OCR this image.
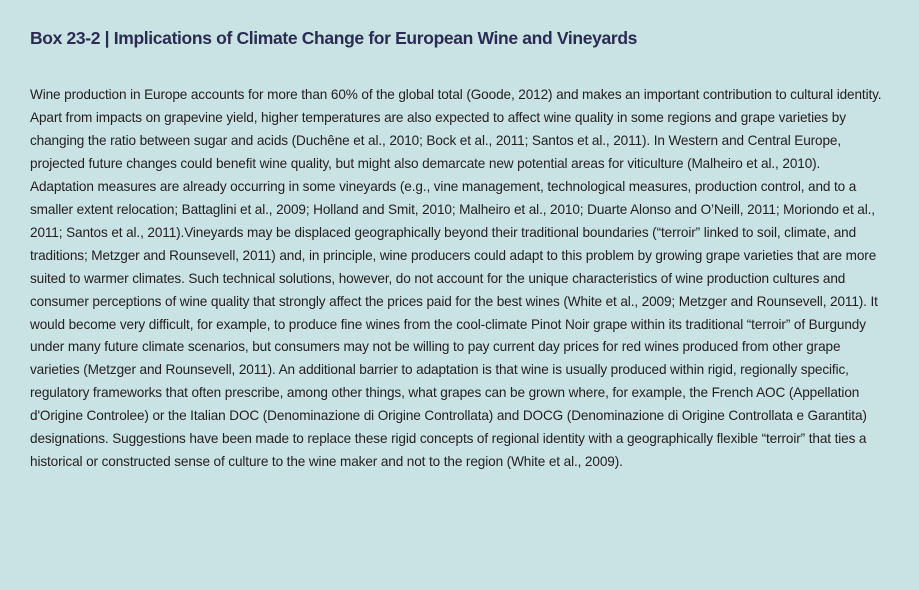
Box 23-2 | Implications of Climate Change for European Wine and Vineyards

Wine production in Europe accounts for more than 60% of the global total (Goode, 2012) and makes an important contribution to cultural identity. Apart from impacts on grapevine yield, higher temperatures are also expected to affect wine quality in some regions and grape varieties by changing the ratio between sugar and acids (Duchêne et al., 2010; Bock et al., 2011; Santos et al., 2011). In Western and Central Europe, projected future changes could benefit wine quality, but might also demarcate new potential areas for viticulture (Malheiro et al., 2010). Adaptation measures are already occurring in some vineyards (e.g., vine management, technological measures, production control, and to a smaller extent relocation; Battaglini et al., 2009; Holland and Smit, 2010; Malheiro et al., 2010; Duarte Alonso and O’Neill, 2011; Moriondo et al., 2011; Santos et al., 2011).Vineyards may be displaced geographically beyond their traditional boundaries (“terroir” linked to soil, climate, and traditions; Metzger and Rounsevell, 2011) and, in principle, wine producers could adapt to this problem by growing grape varieties that are more suited to warmer climates. Such technical solutions, however, do not account for the unique characteristics of wine production cultures and consumer perceptions of wine quality that strongly affect the prices paid for the best wines (White et al., 2009; Metzger and Rounsevell, 2011). It would become very difficult, for example, to produce fine wines from the cool-climate Pinot Noir grape within its traditional “terroir” of Burgundy under many future climate scenarios, but consumers may not be willing to pay current day prices for red wines produced from other grape varieties (Metzger and Rounsevell, 2011). An additional barrier to adaptation is that wine is usually produced within rigid, regionally specific, regulatory frameworks that often prescribe, among other things, what grapes can be grown where, for example, the French AOC (Appellation d'Origine Controlee) or the Italian DOC (Denominazione di Origine Controllata) and DOCG (Denominazione di Origine Controllata e Garantita) designations. Suggestions have been made to replace these rigid concepts of regional identity with a geographically flexible “terroir” that ties a historical or constructed sense of culture to the wine maker and not to the region (White et al., 2009).
